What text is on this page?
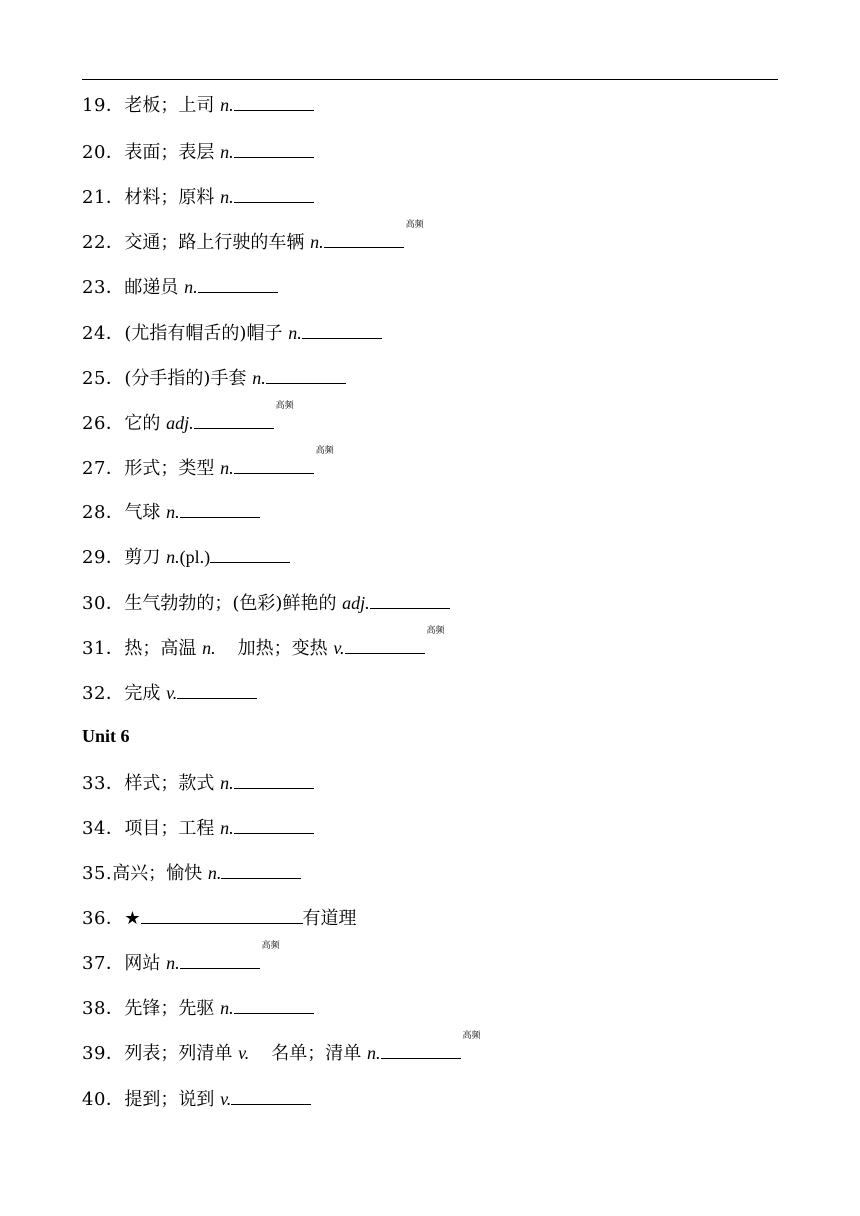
19．老板；上司 n.
20．表面；表层 n.
21．材料；原料 n.
22．交通；路上行驶的车辆 n.高频
23．邮递员 n.
24．(尤指有帽舌的)帽子 n.
25．(分手指的)手套 n.
26．它的 adj.高频
27．形式；类型 n.高频
28．气球 n.
29．剪刀 n.(pl.)
30．生气勃勃的；(色彩)鲜艳的 adj.
31．热；高温 n. 加热；变热 v.高频
32．完成 v.
Unit 6
33．样式；款式 n.
34．项目；工程 n.
35.高兴；愉快 n.
36．★	有道理
37．网站 n.高频
38．先锋；先驱 n.
39．列表；列清单 v. 名单；清单 n.高频
40．提到；说到 v.
